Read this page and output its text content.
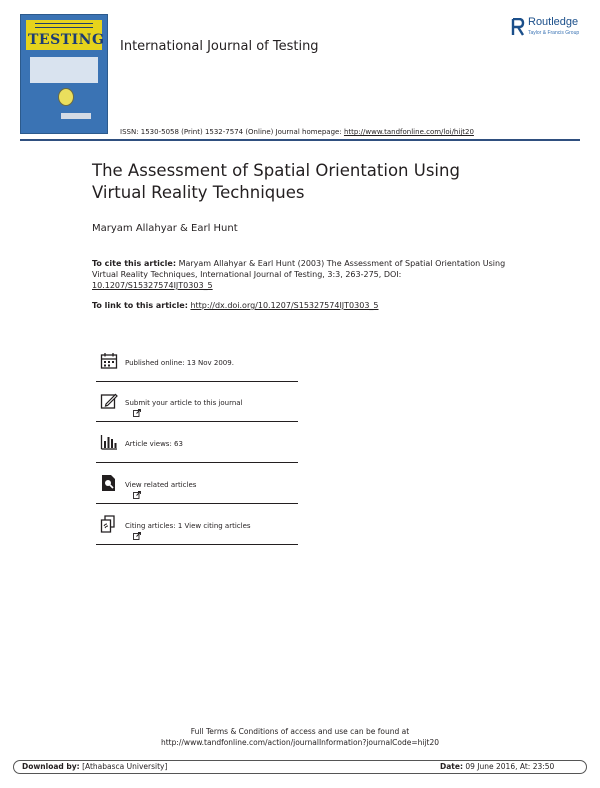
TESTING
Routledge
Taylor & Francis Group
International Journal of Testing
ISSN: 1530-5058 (Print) 1532-7574 (Online) Journal homepage: http://www.tandfonline.com/loi/hijt20
The Assessment of Spatial Orientation Using Virtual Reality Techniques
Maryam Allahyar & Earl Hunt
To cite this article: Maryam Allahyar & Earl Hunt (2003) The Assessment of Spatial Orientation Using Virtual Reality Techniques, International Journal of Testing, 3:3, 263-275, DOI: 10.1207/S15327574IJT0303_5
To link to this article: http://dx.doi.org/10.1207/S15327574IJT0303_5
Published online: 13 Nov 2009.
Submit your article to this journal
Article views: 63
View related articles
Citing articles: 1 View citing articles
Full Terms & Conditions of access and use can be found at
http://www.tandfonline.com/action/journalInformation?journalCode=hijt20
Download by: [Athabasca University]	Date: 09 June 2016, At: 23:50
